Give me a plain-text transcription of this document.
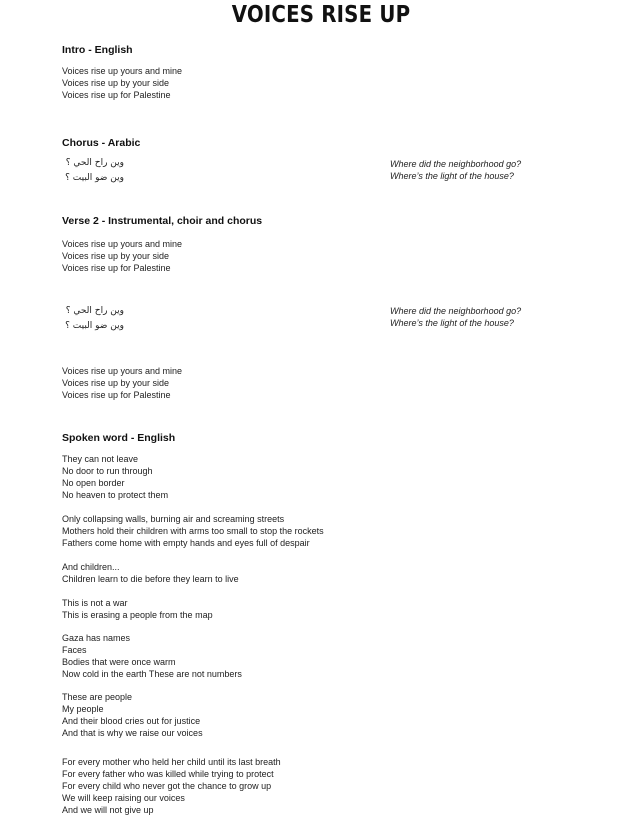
VOICES RISE UP
Intro - English
Voices rise up yours and mine
Voices rise up by your side
Voices rise up for Palestine
Chorus - Arabic
وين راح الحي ؟
وين ضو البيت ؟
Where did the neighborhood go?
Where’s the light of the house?
Verse 2 - Instrumental, choir and chorus
Voices rise up yours and mine
Voices rise up by your side
Voices rise up for Palestine
وين راح الحي ؟
وين ضو البيت ؟
Where did the neighborhood go?
Where’s the light of the house?
Voices rise up yours and mine
Voices rise up by your side
Voices rise up for Palestine
Spoken word - English
They can not leave
No door to run through
No open border
No heaven to protect them
Only collapsing walls, burning air and screaming streets
Mothers hold their children with arms too small to stop the rockets
Fathers come home with empty hands and eyes full of despair
And children...
Children learn to die before they learn to live
This is not a war
This is erasing a people from the map
Gaza has names
Faces
Bodies that were once warm
Now cold in the earth These are not numbers
These are people
My people
And their blood cries out for justice
And that is why we raise our voices
For every mother who held her child until its last breath
For every father who was killed while trying to protect
For every child who never got the chance to grow up
We will keep raising our voices
And we will not give up
